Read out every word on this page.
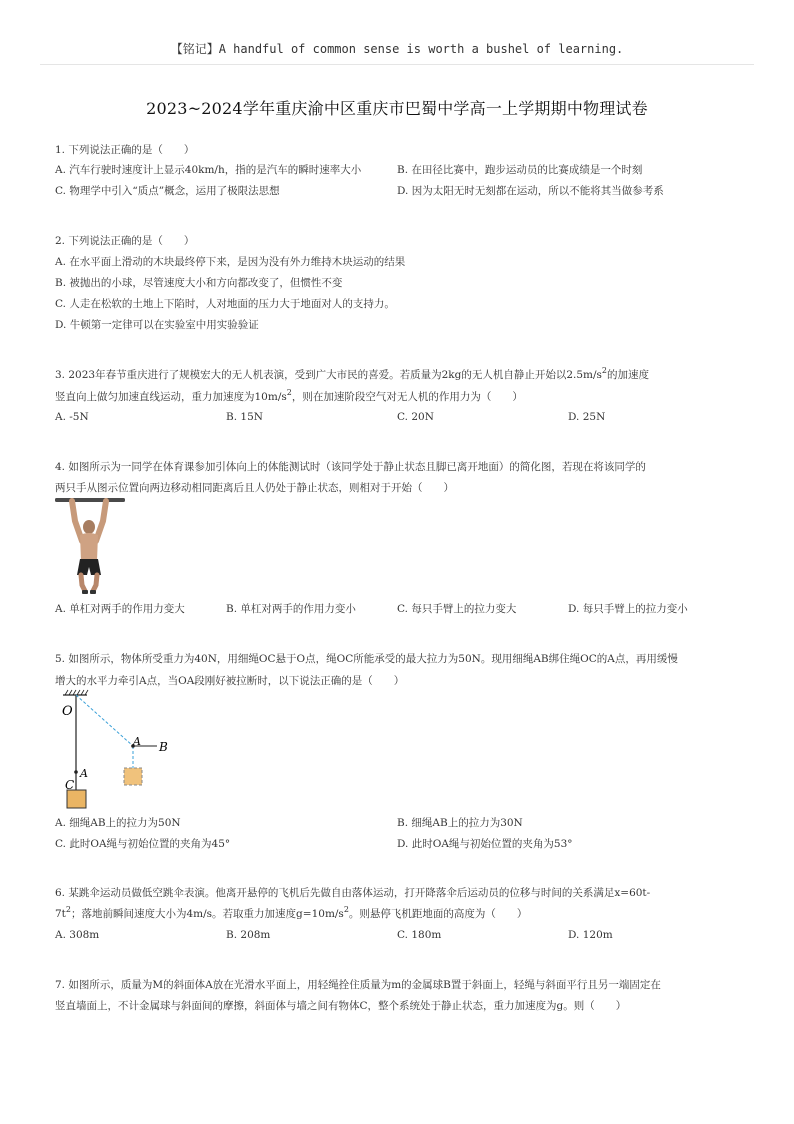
【铭记】A handful of common sense is worth a bushel of learning.
2023~2024学年重庆渝中区重庆市巴蜀中学高一上学期期中物理试卷
1. 下列说法正确的是（　　）
A. 汽车行驶时速度计上显示40km/h，指的是汽车的瞬时速率大小	B. 在田径比赛中，跑步运动员的比赛成绩是一个时刻
C. 物理学中引入“质点”概念，运用了极限法思想	D. 因为太阳无时无刻都在运动，所以不能将其当做参考系
2. 下列说法正确的是（　　）
A. 在水平面上滑动的木块最终停下来，是因为没有外力维持木块运动的结果
B. 被抛出的小球，尽管速度大小和方向都改变了，但惯性不变
C. 人走在松软的土地上下陷时，人对地面的压力大于地面对人的支持力。
D. 牛顿第一定律可以在实验室中用实验验证
3. 2023年春节重庆进行了规模宏大的无人机表演，受到广大市民的喜爱。若质量为2kg的无人机自静止开始以$2.5m/s^2$的加速度
竖直向上做匀加速直线运动，重力加速度为$10m/s^2$，则在加速阶段空气对无人机的作用力为（　　）
A. -5N	B. 15N	C. 20N	D. 25N
4. 如图所示为一同学在体育课参加引体向上的体能测试时（该同学处于静止状态且脚已离开地面）的简化图，若现在将该同学的
两只手从图示位置向两边移动相同距离后且人仍处于静止状态，则相对于开始（　　）
A. 单杠对两手的作用力变大	B. 单杠对两手的作用力变小	C. 每只手臂上的拉力变大	D. 每只手臂上的拉力变小
5. 如图所示，物体所受重力为40N，用细绳OC悬于O点，绳OC所能承受的最大拉力为50N。现用细绳AB绑住绳OC的A点，再用缓慢
增大的水平力牵引A点，当OA段刚好被拉断时，以下说法正确的是（　　）
O
A
C
A B
A. 细绳AB上的拉力为50N	B. 细绳AB上的拉力为30N
C. 此时OA绳与初始位置的夹角为45°	D. 此时OA绳与初始位置的夹角为53°
6. 某跳伞运动员做低空跳伞表演。他离开悬停的飞机后先做自由落体运动，打开降落伞后运动员的位移与时间的关系满足x=60t-
$7t^2$；落地前瞬间速度大小为4m/s。若取重力加速度$g=10m/s^2$。则悬停飞机距地面的高度为（　　）
A. 308m	B. 208m	C. 180m	D. 120m
7. 如图所示，质量为M的斜面体A放在光滑水平面上，用轻绳拴住质量为m的金属球B置于斜面上，轻绳与斜面平行且另一端固定在
竖直墙面上，不计金属球与斜面间的摩擦，斜面体与墙之间有物体C，整个系统处于静止状态，重力加速度为g。则（　　）
